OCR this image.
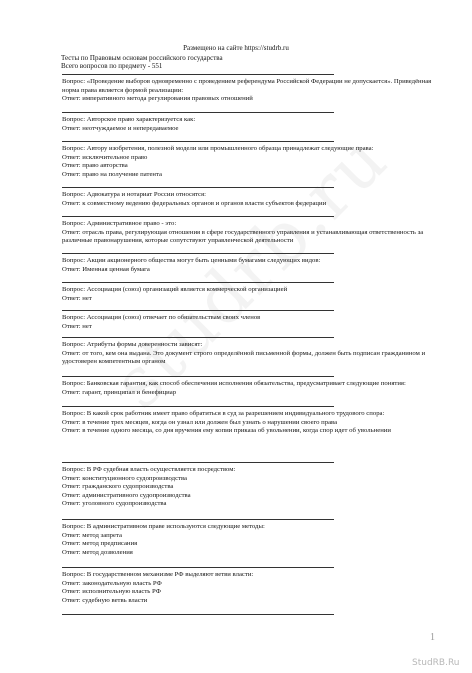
Размещено на сайте https://studrb.ru
Тесты по Правовым основам российского государства
Всего вопросов по предмету - 551
Вопрос: «Проведение выборов одновременно с проведением референдума Российской Федерации не допускается». Приведённая норма права является формой реализации:
Ответ: императивного метода регулирования правовых отношений
Вопрос: Авторское право характеризуется как:
Ответ: неотчуждаемое и непередаваемое
Вопрос: Автору изобретения, полезной модели или промышленного образца принадлежат следующие права:
Ответ: исключительное право
Ответ: право авторства
Ответ: право на получение патента
Вопрос: Адвокатура и нотариат России относятся:
Ответ: к совместному ведению федеральных органов и органов власти субъектов федерации
Вопрос: Административное право - это:
Ответ: отрасль права, регулирующая отношения в сфере государственного управления и устанавливающая ответственность за различные правонарушения, которые сопутствуют управленческой деятельности
Вопрос: Акции акционерного общества могут быть ценными бумагами следующих видов:
Ответ: Именная ценная бумага
Вопрос: Ассоциация (союз) организаций является коммерческой организацией
Ответ: нет
Вопрос: Ассоциация (союз) отвечает по обязательствам своих членов
Ответ: нет
Вопрос: Атрибуты формы доверенности зависят:
Ответ: от того, кем она выдана. Это документ строго определённой письменной формы, должен быть подписан гражданином и удостоверен компетентным органом
Вопрос: Банковская гарантия, как способ обеспечения исполнения обязательства, предусматривает следующие понятия:
Ответ: гарант, принципал и бенефициар
Вопрос: В какой срок работник имеет право обратиться в суд за разрешением индивидуального трудового спора:
Ответ: в течение трех месяцев, когда он узнал или должен был узнать о нарушении своего права
Ответ: в течение одного месяца, со дня вручения ему копии приказа об увольнении, когда спор идет об увольнении
Вопрос: В РФ судебная власть осуществляется посредством:
Ответ: конституционного судопроизводства
Ответ: гражданского судопроизводства
Ответ: административного судопроизводства
Ответ: уголовного судопроизводства
Вопрос: В административном праве используются следующие методы:
Ответ: метод запрета
Ответ: метод предписания
Ответ: метод дозволения
Вопрос: В государственном механизме РФ выделяют ветви власти:
Ответ: законодательную власть РФ
Ответ: исполнительную власть РФ
Ответ: судебную ветвь власти
1
StudRB.Ru
